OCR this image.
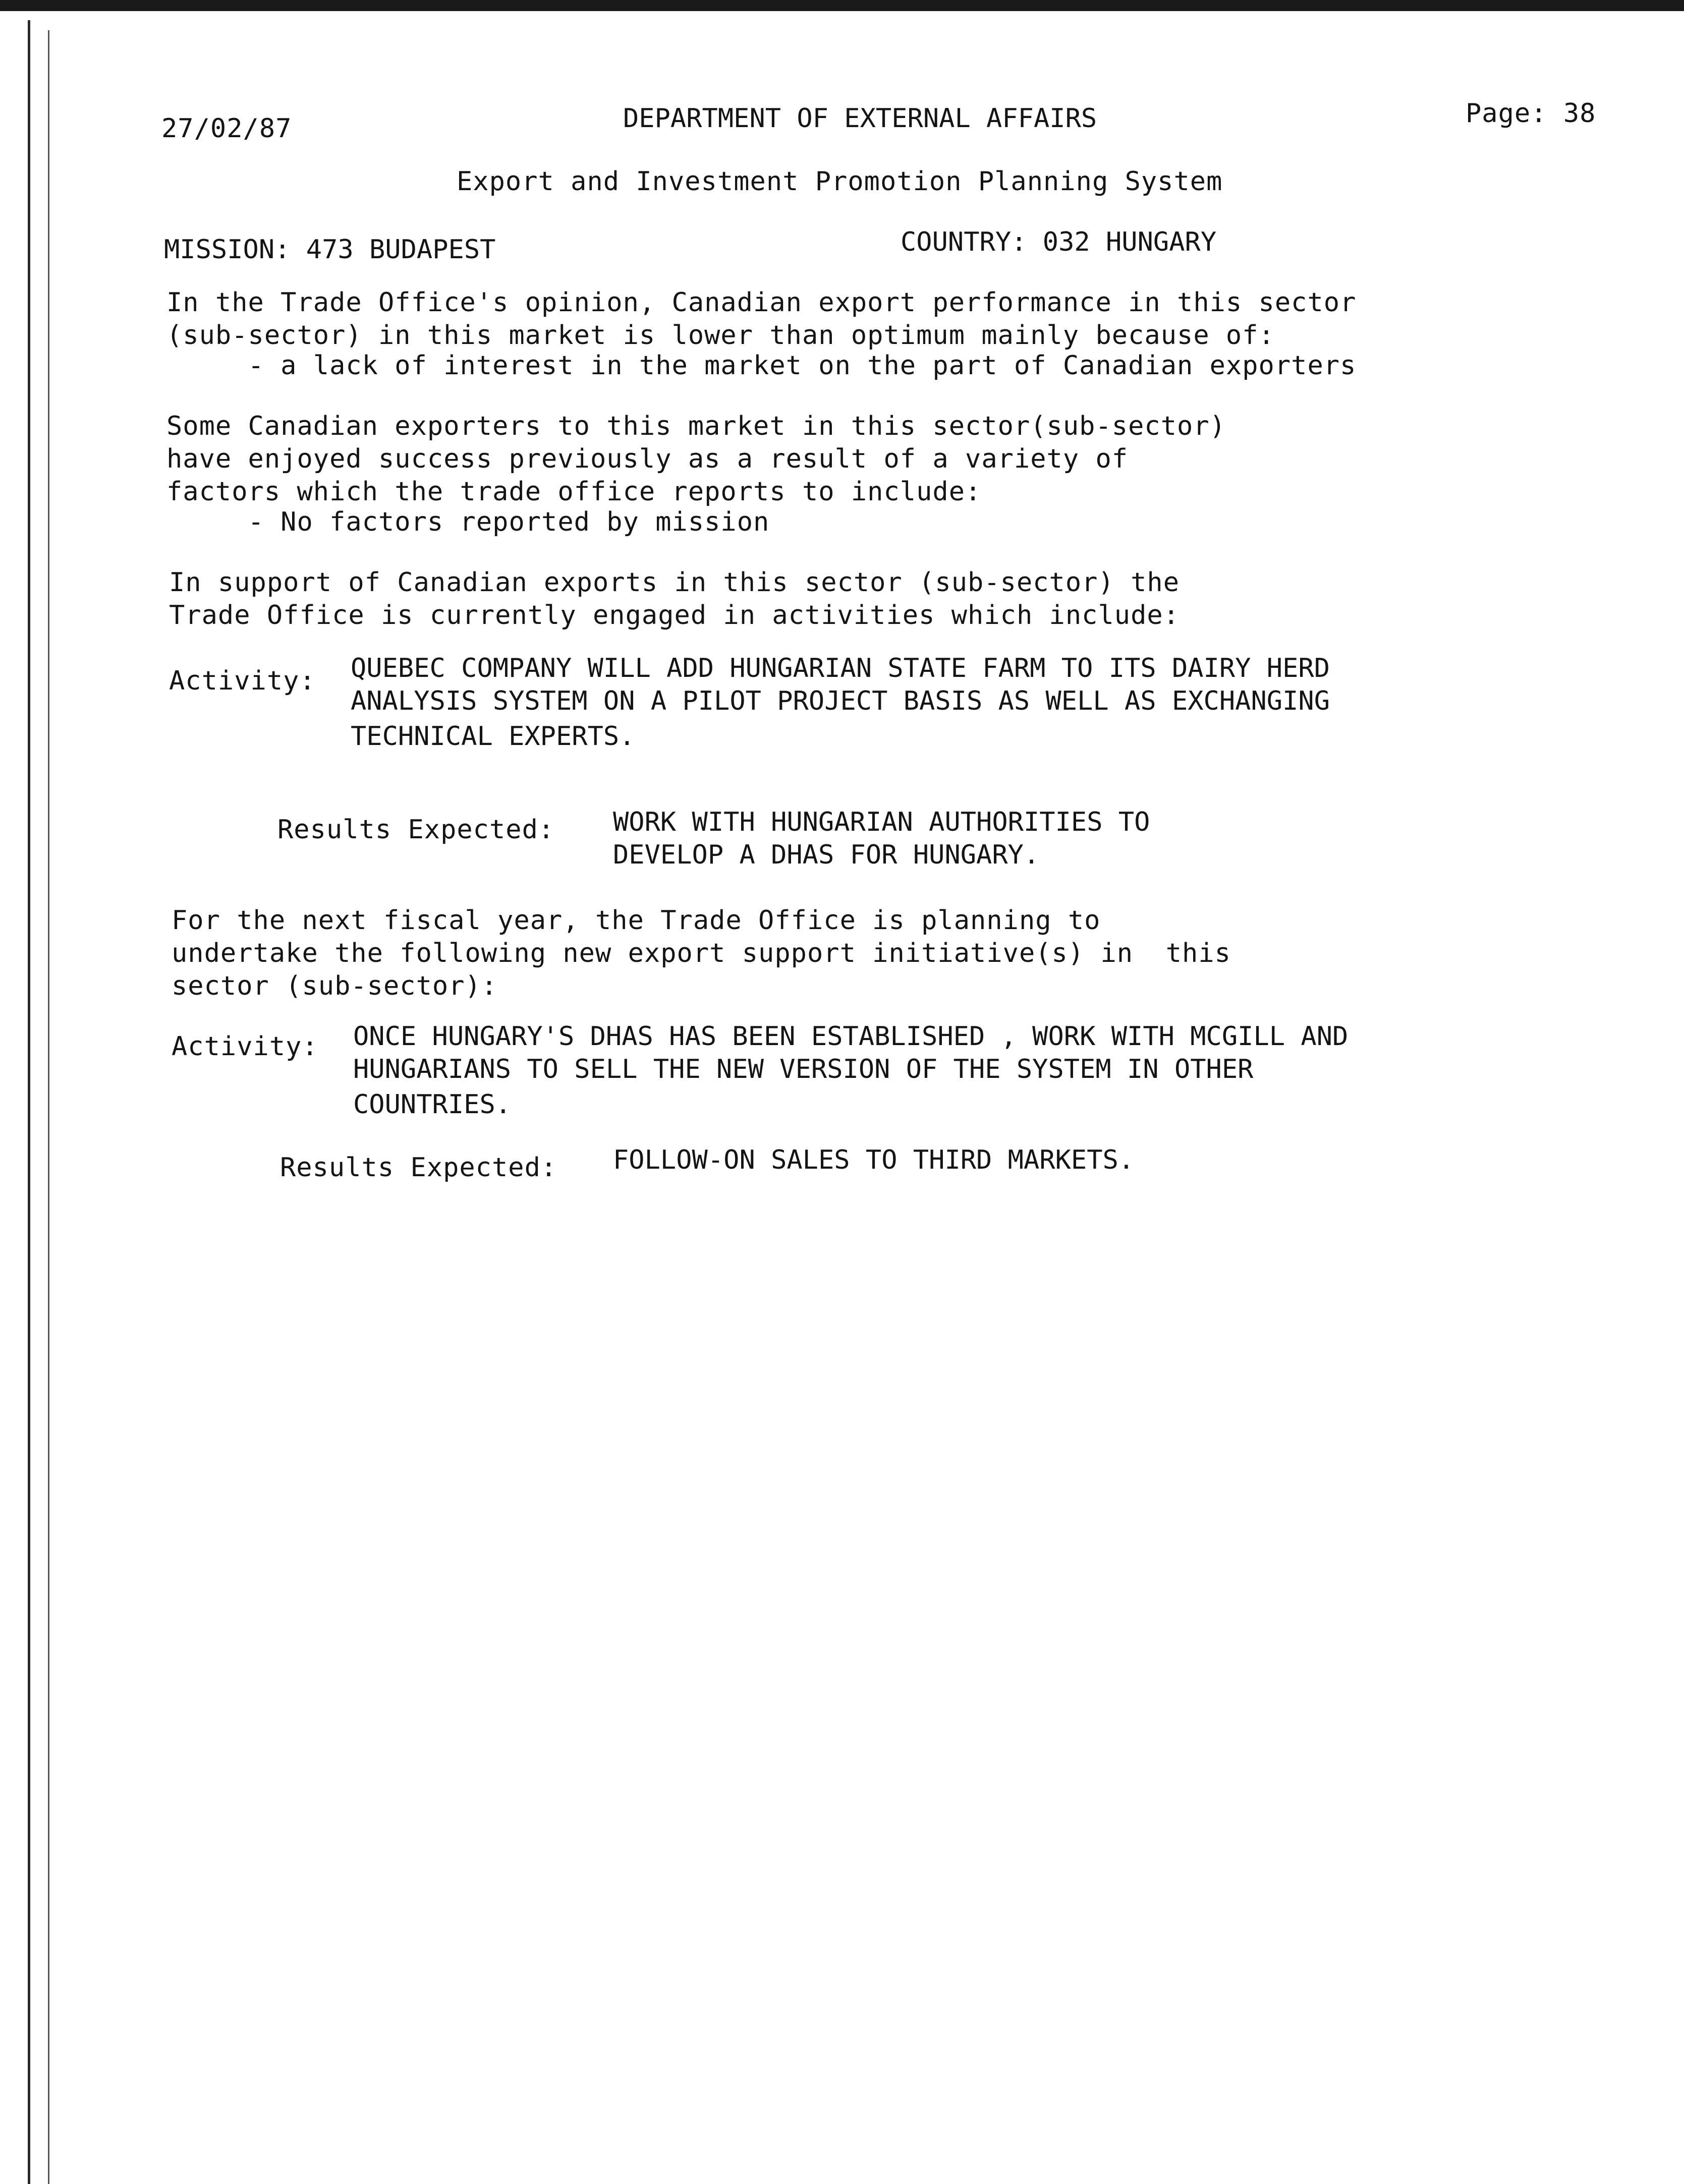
27/02/87	DEPARTMENT OF EXTERNAL AFFAIRS	Page: 38
Export and Investment Promotion Planning System
MISSION: 473 BUDAPEST	COUNTRY: 032 HUNGARY
In the Trade Office's opinion, Canadian export performance in this sector
(sub-sector) in this market is lower than optimum mainly because of:
- a lack of interest in the market on the part of Canadian exporters
Some Canadian exporters to this market in this sector(sub-sector)
have enjoyed success previously as a result of a variety of
factors which the trade office reports to include:
- No factors reported by mission
In support of Canadian exports in this sector (sub-sector) the
Trade Office is currently engaged in activities which include:
Activity: QUEBEC COMPANY WILL ADD HUNGARIAN STATE FARM TO ITS DAIRY HERD
ANALYSIS SYSTEM ON A PILOT PROJECT BASIS AS WELL AS EXCHANGING
TECHNICAL EXPERTS.
Results Expected: WORK WITH HUNGARIAN AUTHORITIES TO
DEVELOP A DHAS FOR HUNGARY.
For the next fiscal year, the Trade Office is planning to
undertake the following new export support initiative(s) in  this
sector (sub-sector):
Activity: ONCE HUNGARY'S DHAS HAS BEEN ESTABLISHED , WORK WITH MCGILL AND
HUNGARIANS TO SELL THE NEW VERSION OF THE SYSTEM IN OTHER
COUNTRIES.
Results Expected: FOLLOW-ON SALES TO THIRD MARKETS.
